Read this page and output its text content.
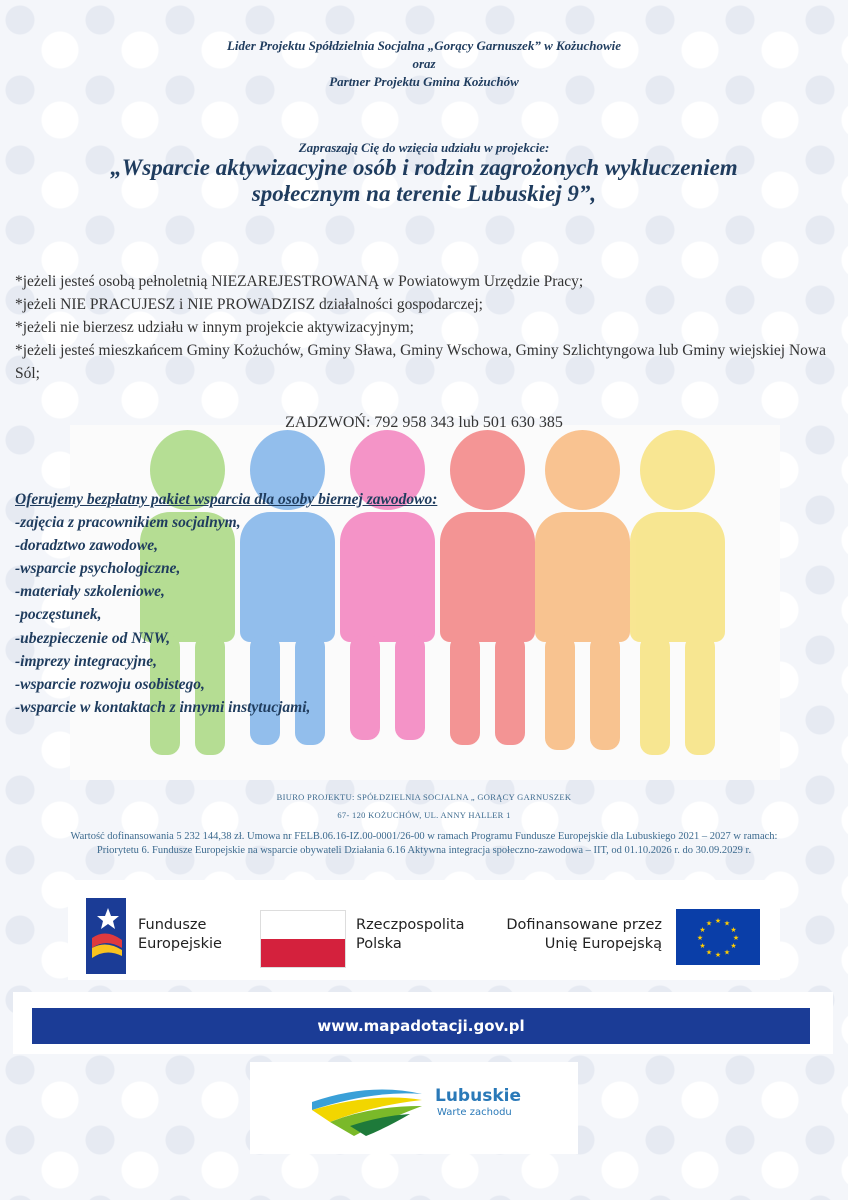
Lider Projektu Spółdzielnia Socjalna „Gorący Garnuszek” w Kożuchowie
oraz
Partner Projektu Gmina Kożuchów
Zapraszają Cię do wzięcia udziału w projekcie:
„Wsparcie aktywizacyjne osób i rodzin zagrożonych wykluczeniem
społecznym na terenie Lubuskiej 9”,
*jeżeli jesteś osobą pełnoletnią NIEZAREJESTROWANĄ w Powiatowym Urzędzie Pracy;
*jeżeli NIE PRACUJESZ i NIE PROWADZISZ działalności gospodarczej;
*jeżeli nie bierzesz udziału w innym projekcie aktywizacyjnym;
*jeżeli jesteś mieszkańcem Gminy Kożuchów, Gminy Sława, Gminy Wschowa, Gminy Szlichtyngowa lub Gminy wiejskiej Nowa Sól;
ZADZWOŃ: 792 958 343 lub 501 630 385
Oferujemy bezpłatny pakiet wsparcia dla osoby biernej zawodowo:
-zajęcia z pracownikiem socjalnym,
-doradztwo zawodowe,
-wsparcie psychologiczne,
-materiały szkoleniowe,
-poczęstunek,
-ubezpieczenie od NNW,
-imprezy integracyjne,
-wsparcie rozwoju osobistego,
-wsparcie w kontaktach z innymi instytucjami,
BIURO PROJEKTU: SPÓŁDZIELNIA SOCJALNA „ GORĄCY GARNUSZEK
67- 120 KOŻUCHÓW, UL. ANNY HALLER 1
Wartość dofinansowania 5 232 144,38 zł. Umowa nr FELB.06.16-IZ.00-0001/26-00 w ramach Programu Fundusze Europejskie dla Lubuskiego 2021 – 2027 w ramach: Priorytetu 6. Fundusze Europejskie na wsparcie obywateli Działania 6.16 Aktywna integracja społeczno-zawodowa – IIT, od 01.10.2026 r. do 30.09.2029 r.
Fundusze
Europejskie
Rzeczpospolita
Polska
Dofinansowane przez
Unię Europejską
★ ★
★
★
★
★
★
★
★
★
★
★
www.mapadotacji.gov.pl
Lubuskie
Warte zachodu
